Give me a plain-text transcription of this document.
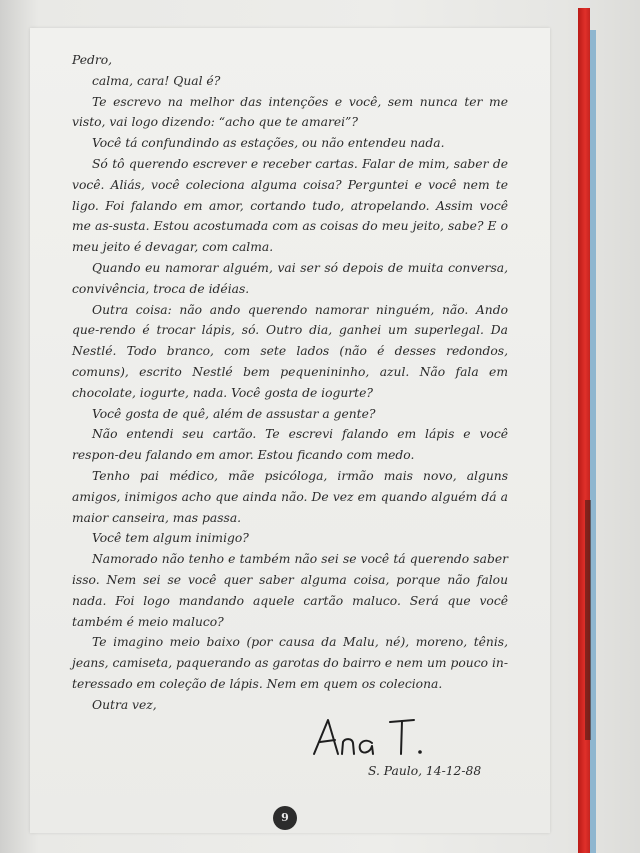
Pedro,

calma, cara! Qual é?

Te escrevo na melhor das intenções e você, sem nunca ter me visto, vai logo dizendo: “acho que te amarei”?

Você tá confundindo as estações, ou não entendeu nada.

Só tô querendo escrever e receber cartas. Falar de mim, saber de você. Aliás, você coleciona alguma coisa? Perguntei e você nem te ligo. Foi falando em amor, cortando tudo, atropelando. Assim você me as-susta. Estou acostumada com as coisas do meu jeito, sabe? E o meu jeito é devagar, com calma.

Quando eu namorar alguém, vai ser só depois de muita conversa, convivência, troca de idéias.

Outra coisa: não ando querendo namorar ninguém, não. Ando que-rendo é trocar lápis, só. Outro dia, ganhei um superlegal. Da Nestlé. Todo branco, com sete lados (não é desses redondos, comuns), escrito Nestlé bem pequenininho, azul. Não fala em chocolate, iogurte, nada. Você gosta de iogurte?

Você gosta de quê, além de assustar a gente?

Não entendi seu cartão. Te escrevi falando em lápis e você respon-deu falando em amor. Estou ficando com medo.

Tenho pai médico, mãe psicóloga, irmão mais novo, alguns amigos, inimigos acho que ainda não. De vez em quando alguém dá a maior canseira, mas passa.

Você tem algum inimigo?

Namorado não tenho e também não sei se você tá querendo saber isso. Nem sei se você quer saber alguma coisa, porque não falou nada. Foi logo mandando aquele cartão maluco. Será que você também é meio maluco?

Te imagino meio baixo (por causa da Malu, né), moreno, tênis, jeans, camiseta, paquerando as garotas do bairro e nem um pouco in-teressado em coleção de lápis. Nem em quem os coleciona.

Outra vez,

S. Paulo, 14-12-88
9
